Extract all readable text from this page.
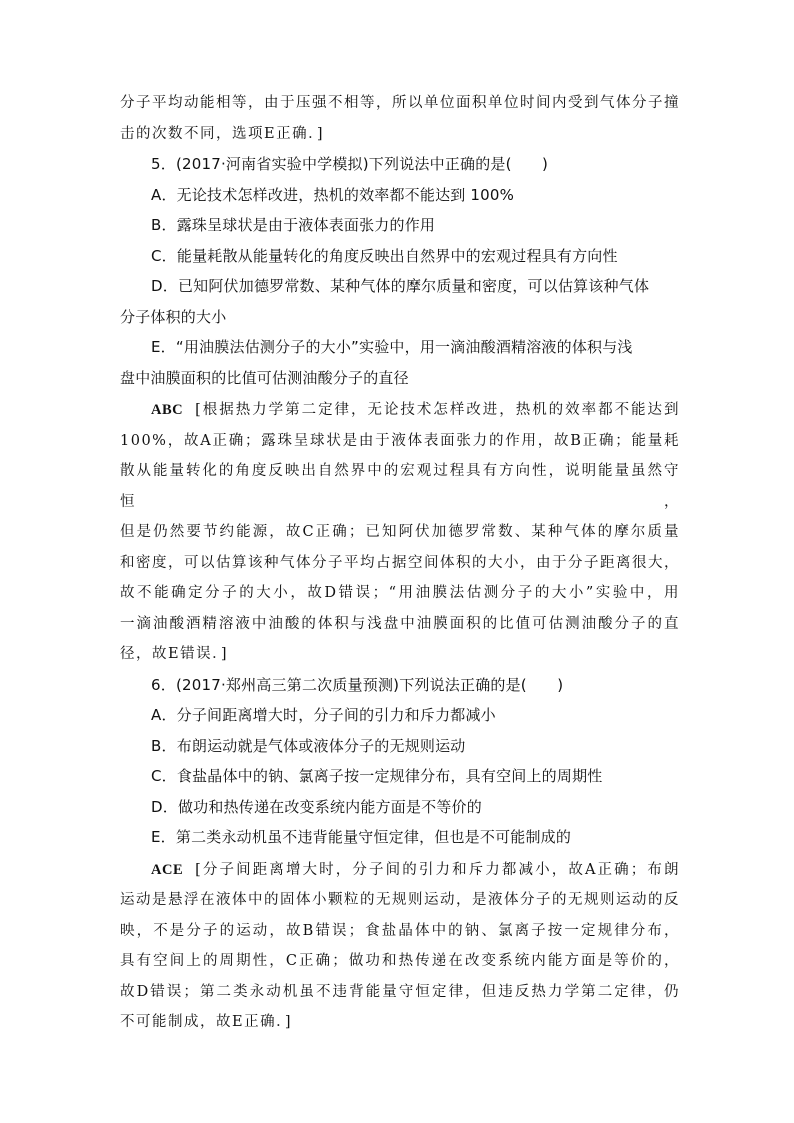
分子平均动能相等，由于压强不相等，所以单位面积单位时间内受到气体分子撞
击的次数不同，选项E正确．]
5．(2017·河南省实验中学模拟)下列说法中正确的是(　　)
A．无论技术怎样改进，热机的效率都不能达到 100%
B．露珠呈球状是由于液体表面张力的作用
C．能量耗散从能量转化的角度反映出自然界中的宏观过程具有方向性
D．已知阿伏加德罗常数、某种气体的摩尔质量和密度，可以估算该种气体
分子体积的大小
E．“用油膜法估测分子的大小”实验中，用一滴油酸酒精溶液的体积与浅
盘中油膜面积的比值可估测油酸分子的直径
ABC [根据热力学第二定律，无论技术怎样改进，热机的效率都不能达到
100%，故A正确；露珠呈球状是由于液体表面张力的作用，故B正确；能量耗
散从能量转化的角度反映出自然界中的宏观过程具有方向性，说明能量虽然守恒，
但是仍然要节约能源，故C正确；已知阿伏加德罗常数、某种气体的摩尔质量
和密度，可以估算该种气体分子平均占据空间体积的大小，由于分子距离很大，
故不能确定分子的大小，故D错误；“用油膜法估测分子的大小”实验中，用
一滴油酸酒精溶液中油酸的体积与浅盘中油膜面积的比值可估测油酸分子的直
径，故E错误．]
6．(2017·郑州高三第二次质量预测)下列说法正确的是(　　)
A．分子间距离增大时，分子间的引力和斥力都减小
B．布朗运动就是气体或液体分子的无规则运动
C．食盐晶体中的钠、氯离子按一定规律分布，具有空间上的周期性
D．做功和热传递在改变系统内能方面是不等价的
E．第二类永动机虽不违背能量守恒定律，但也是不可能制成的
ACE [分子间距离增大时，分子间的引力和斥力都减小，故A正确；布朗
运动是悬浮在液体中的固体小颗粒的无规则运动，是液体分子的无规则运动的反
映，不是分子的运动，故B错误；食盐晶体中的钠、氯离子按一定规律分布，
具有空间上的周期性，C正确；做功和热传递在改变系统内能方面是等价的，
故D错误；第二类永动机虽不违背能量守恒定律，但违反热力学第二定律，仍
不可能制成，故E正确．]
